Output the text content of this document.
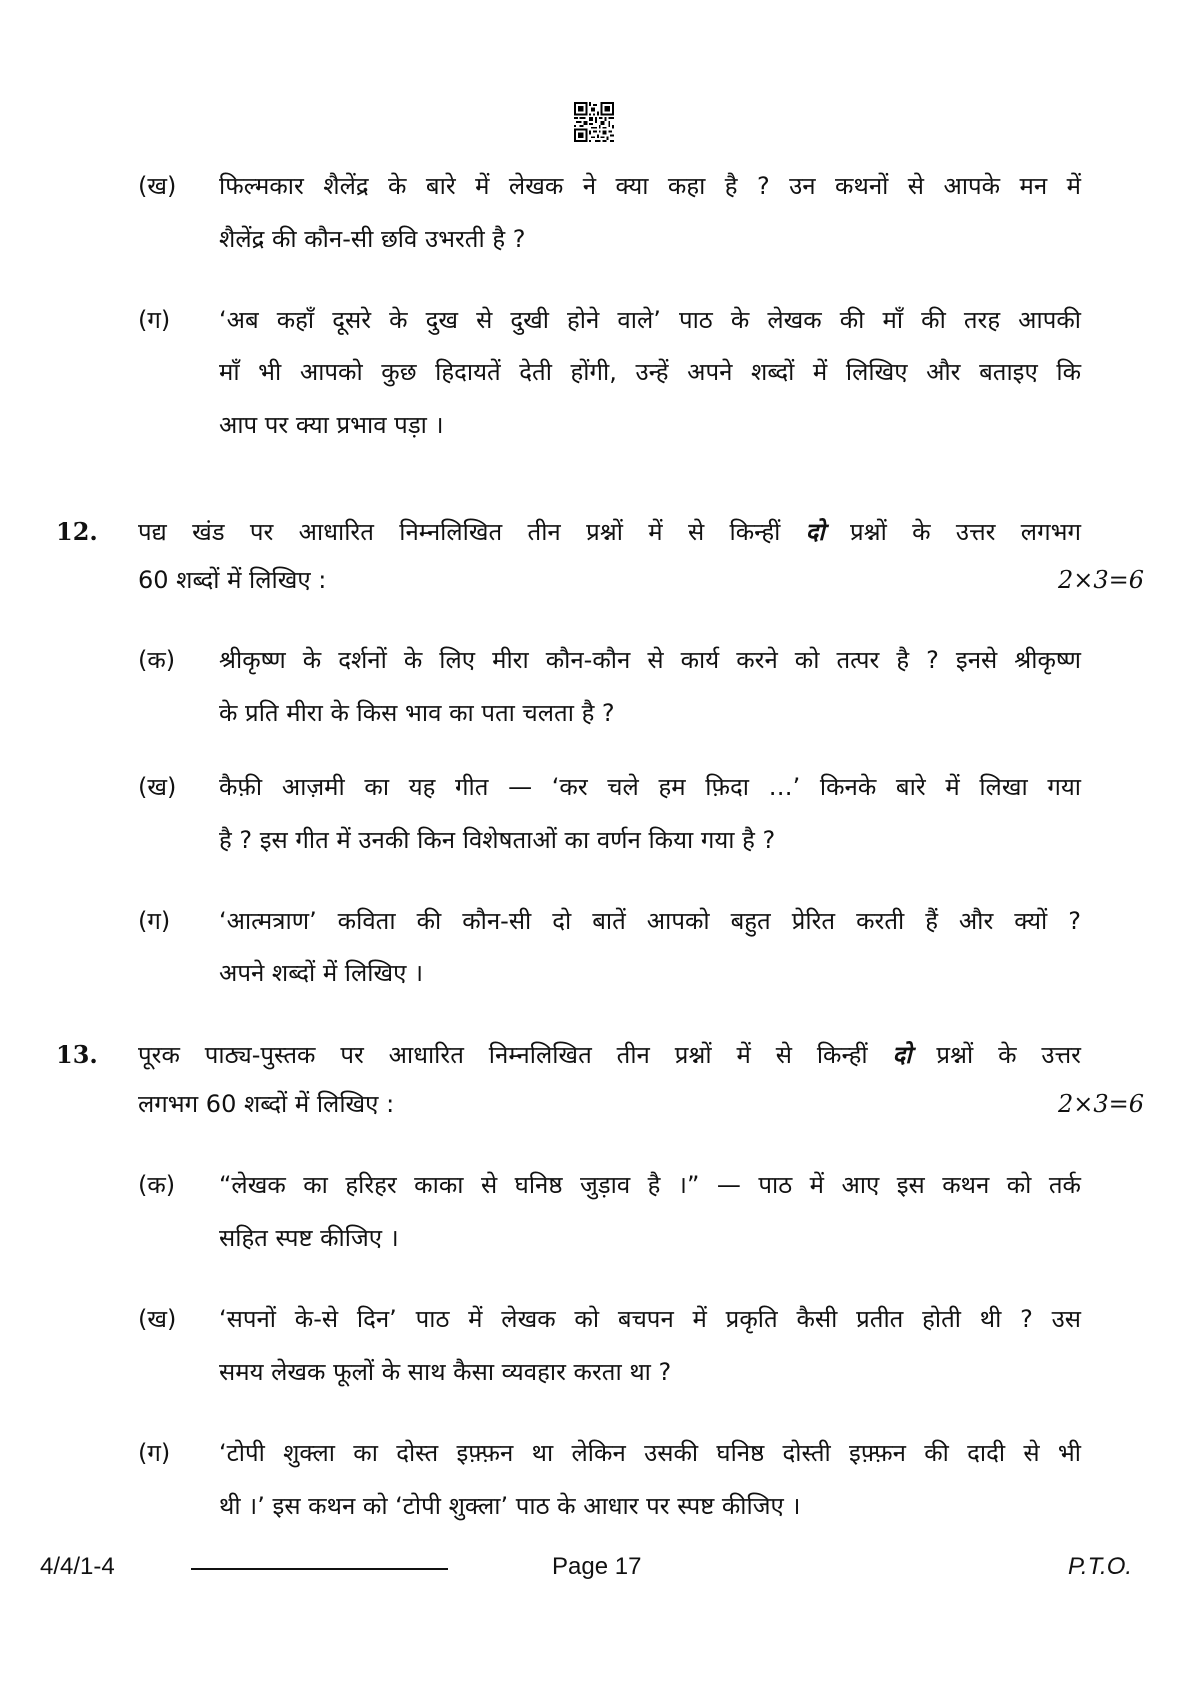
(ख) फिल्मकार शैलेंद्र के बारे में लेखक ने क्या कहा है ? उन कथनों से आपके मन में
शैलेंद्र की कौन-सी छवि उभरती है ?
(ग) ‘अब कहाँ दूसरे के दुख से दुखी होने वाले’ पाठ के लेखक की माँ की तरह आपकी
माँ भी आपको कुछ हिदायतें देती होंगी, उन्हें अपने शब्दों में लिखिए और बताइए कि
आप पर क्या प्रभाव पड़ा ।
12. पद्य खंड पर आधारित निम्नलिखित तीन प्रश्नों में से किन्हीं दो प्रश्नों के उत्तर लगभग
60 शब्दों में लिखिए :	2×3=6
(क) श्रीकृष्ण के दर्शनों के लिए मीरा कौन-कौन से कार्य करने को तत्पर है ? इनसे श्रीकृष्ण
के प्रति मीरा के किस भाव का पता चलता है ?
(ख) कैफ़ी आज़मी का यह गीत — ‘कर चले हम फ़िदा …’ किनके बारे में लिखा गया
है ? इस गीत में उनकी किन विशेषताओं का वर्णन किया गया है ?
(ग) ‘आत्मत्राण’ कविता की कौन-सी दो बातें आपको बहुत प्रेरित करती हैं और क्यों ?
अपने शब्दों में लिखिए ।
13. पूरक पाठ्य-पुस्तक पर आधारित निम्नलिखित तीन प्रश्नों में से किन्हीं दो प्रश्नों के उत्तर
लगभग 60 शब्दों में लिखिए :	2×3=6
(क) “लेखक का हरिहर काका से घनिष्ठ जुड़ाव है ।” — पाठ में आए इस कथन को तर्क
सहित स्पष्ट कीजिए ।
(ख) ‘सपनों के-से दिन’ पाठ में लेखक को बचपन में प्रकृति कैसी प्रतीत होती थी ? उस
समय लेखक फूलों के साथ कैसा व्यवहार करता था ?
(ग) ‘टोपी शुक्ला का दोस्त इफ़्फ़न था लेकिन उसकी घनिष्ठ दोस्ती इफ़्फ़न की दादी से भी
थी ।’ इस कथन को ‘टोपी शुक्ला’ पाठ के आधार पर स्पष्ट कीजिए ।
4/4/1-4	Page 17	P.T.O.
